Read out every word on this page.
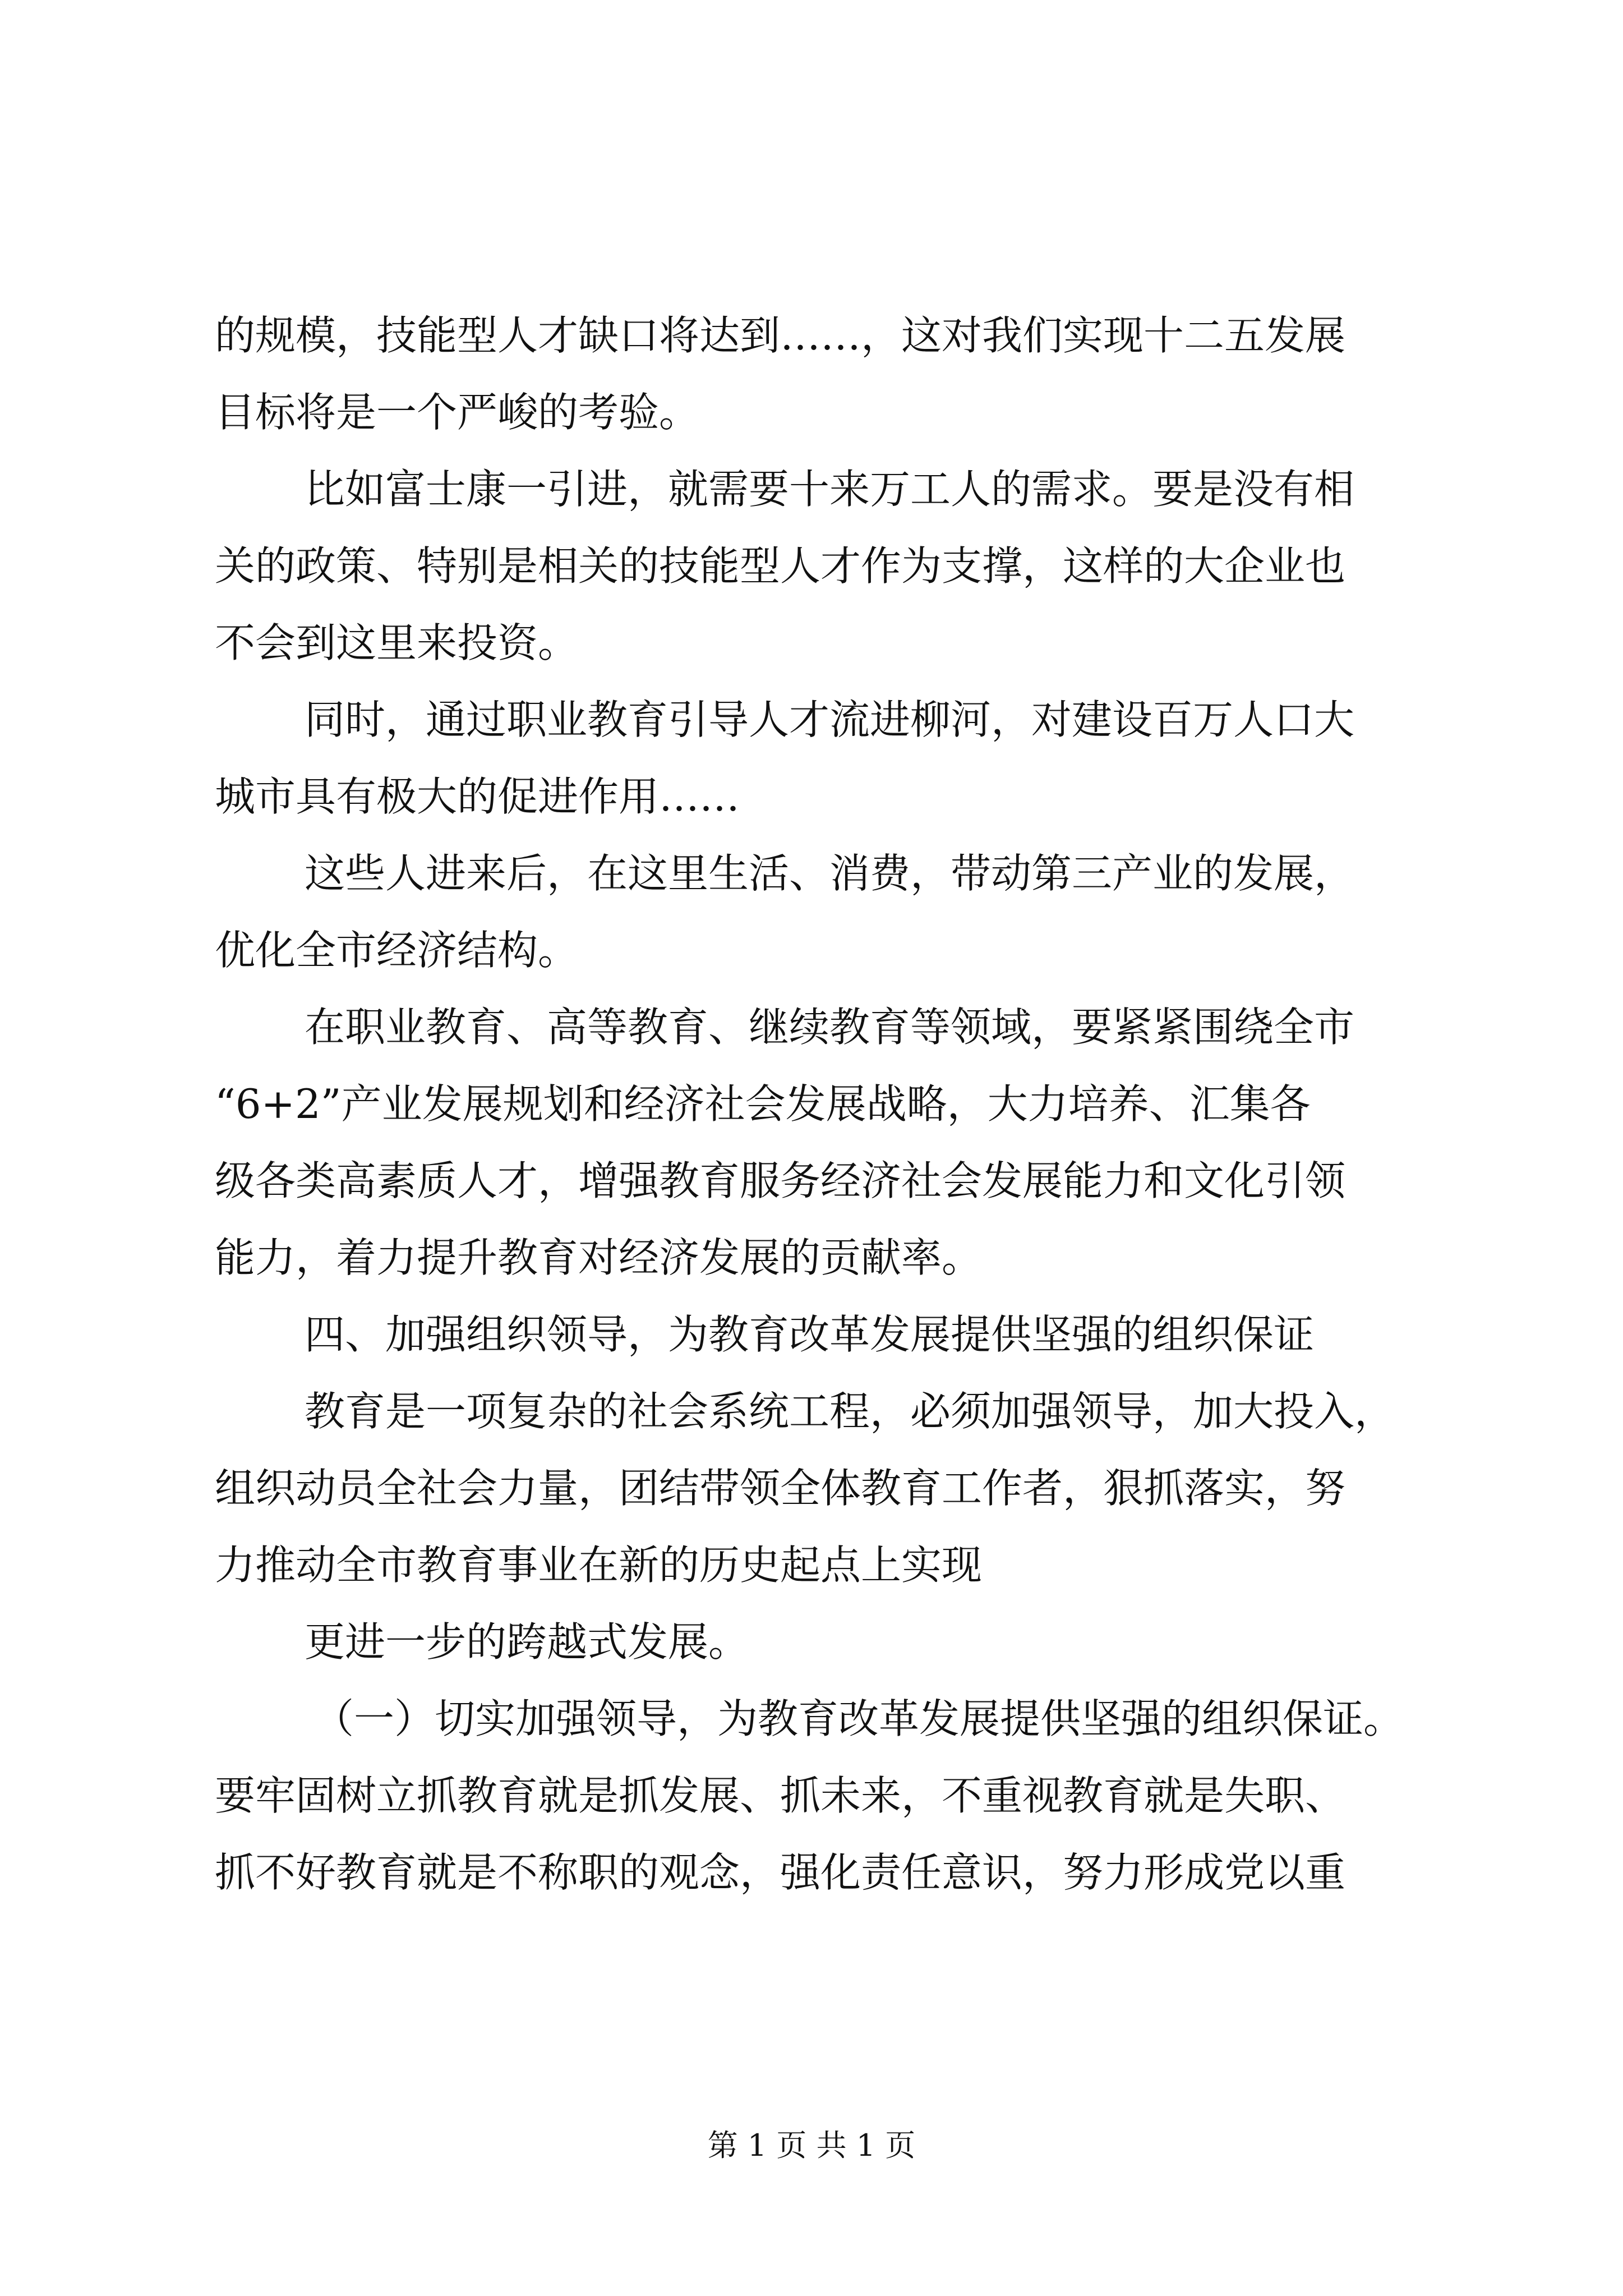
的规模，技能型人才缺口将达到……，这对我们实现十二五发展
目标将是一个严峻的考验。
比如富士康一引进，就需要十来万工人的需求。要是没有相
关的政策、特别是相关的技能型人才作为支撑，这样的大企业也
不会到这里来投资。
同时，通过职业教育引导人才流进柳河，对建设百万人口大
城市具有极大的促进作用……
这些人进来后，在这里生活、消费，带动第三产业的发展，
优化全市经济结构。
在职业教育、高等教育、继续教育等领域，要紧紧围绕全市
“6+2”产业发展规划和经济社会发展战略，大力培养、汇集各
级各类高素质人才，增强教育服务经济社会发展能力和文化引领
能力，着力提升教育对经济发展的贡献率。
四、加强组织领导，为教育改革发展提供坚强的组织保证
教育是一项复杂的社会系统工程，必须加强领导，加大投入，
组织动员全社会力量，团结带领全体教育工作者，狠抓落实，努
力推动全市教育事业在新的历史起点上实现
更进一步的跨越式发展。
（一）切实加强领导，为教育改革发展提供坚强的组织保证。
要牢固树立抓教育就是抓发展、抓未来，不重视教育就是失职、
抓不好教育就是不称职的观念，强化责任意识，努力形成党以重
第 1 页 共 1 页
